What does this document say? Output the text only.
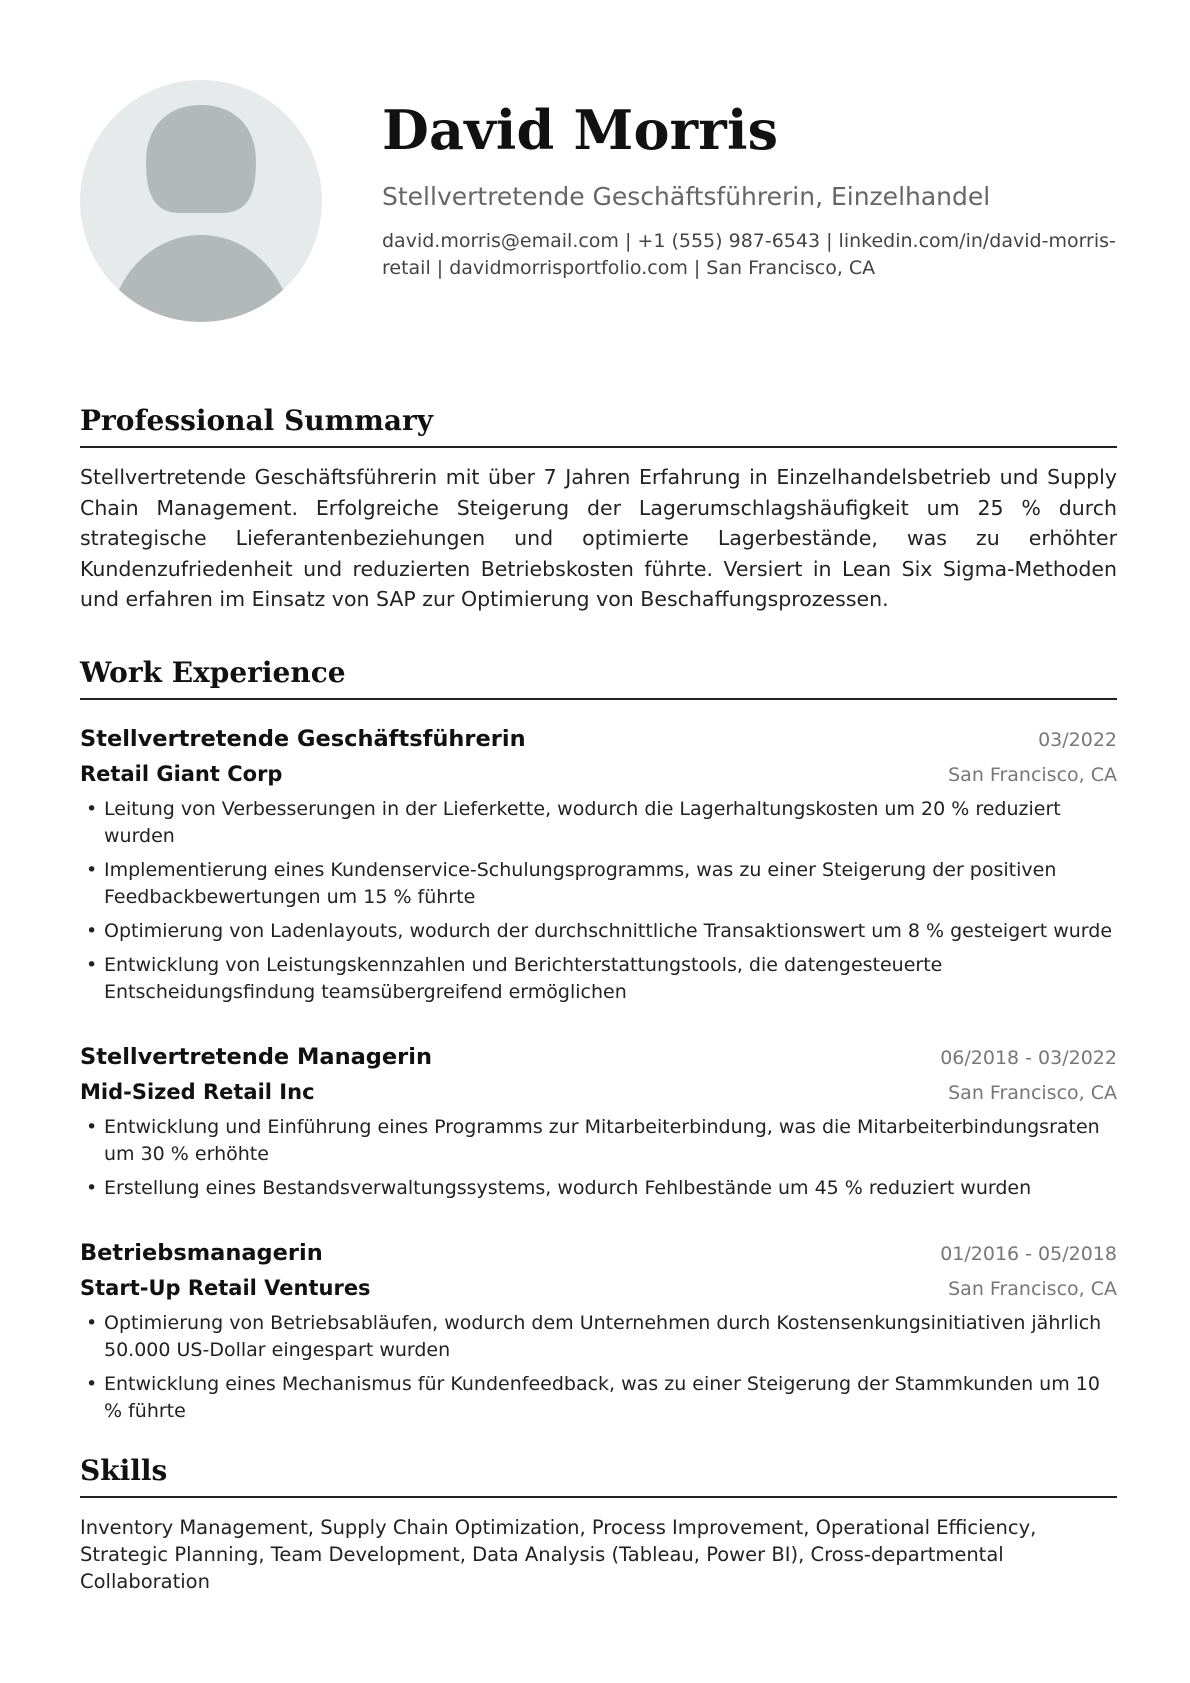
David Morris
Stellvertretende Geschäftsführerin, Einzelhandel
david.morris@email.com | +1 (555) 987-6543 | linkedin.com/in/david-morris-retail | davidmorrisportfolio.com | San Francisco, CA
Professional Summary

Stellvertretende Geschäftsführerin mit über 7 Jahren Erfahrung in Einzelhandelsbetrieb und Supply Chain Management. Erfolgreiche Steigerung der Lagerumschlagshäufigkeit um 25 % durch strategische Lieferantenbeziehungen und optimierte Lagerbestände, was zu erhöhter Kundenzufriedenheit und reduzierten Betriebskosten führte. Versiert in Lean Six Sigma-Methoden und erfahren im Einsatz von SAP zur Optimierung von Beschaffungsprozessen.

Work Experience
Stellvertretende Geschäftsführerin	03/2022
Retail Giant Corp	San Francisco, CA
• Leitung von Verbesserungen in der Lieferkette, wodurch die Lagerhaltungskosten um 20 % reduziert wurden
• Implementierung eines Kundenservice-Schulungsprogramms, was zu einer Steigerung der positiven Feedbackbewertungen um 15 % führte
• Optimierung von Ladenlayouts, wodurch der durchschnittliche Transaktionswert um 8 % gesteigert wurde
• Entwicklung von Leistungskennzahlen und Berichterstattungstools, die datengesteuerte Entscheidungsfindung teamsübergreifend ermöglichen
Stellvertretende Managerin	06/2018 - 03/2022
Mid-Sized Retail Inc	San Francisco, CA
• Entwicklung und Einführung eines Programms zur Mitarbeiterbindung, was die Mitarbeiterbindungsraten um 30 % erhöhte
• Erstellung eines Bestandsverwaltungssystems, wodurch Fehlbestände um 45 % reduziert wurden
Betriebsmanagerin	01/2016 - 05/2018
Start-Up Retail Ventures	San Francisco, CA
• Optimierung von Betriebsabläufen, wodurch dem Unternehmen durch Kostensenkungsinitiativen jährlich 50.000 US-Dollar eingespart wurden
• Entwicklung eines Mechanismus für Kundenfeedback, was zu einer Steigerung der Stammkunden um 10 % führte
Skills

Inventory Management, Supply Chain Optimization, Process Improvement, Operational Efficiency, Strategic Planning, Team Development, Data Analysis (Tableau, Power BI), Cross-departmental Collaboration
